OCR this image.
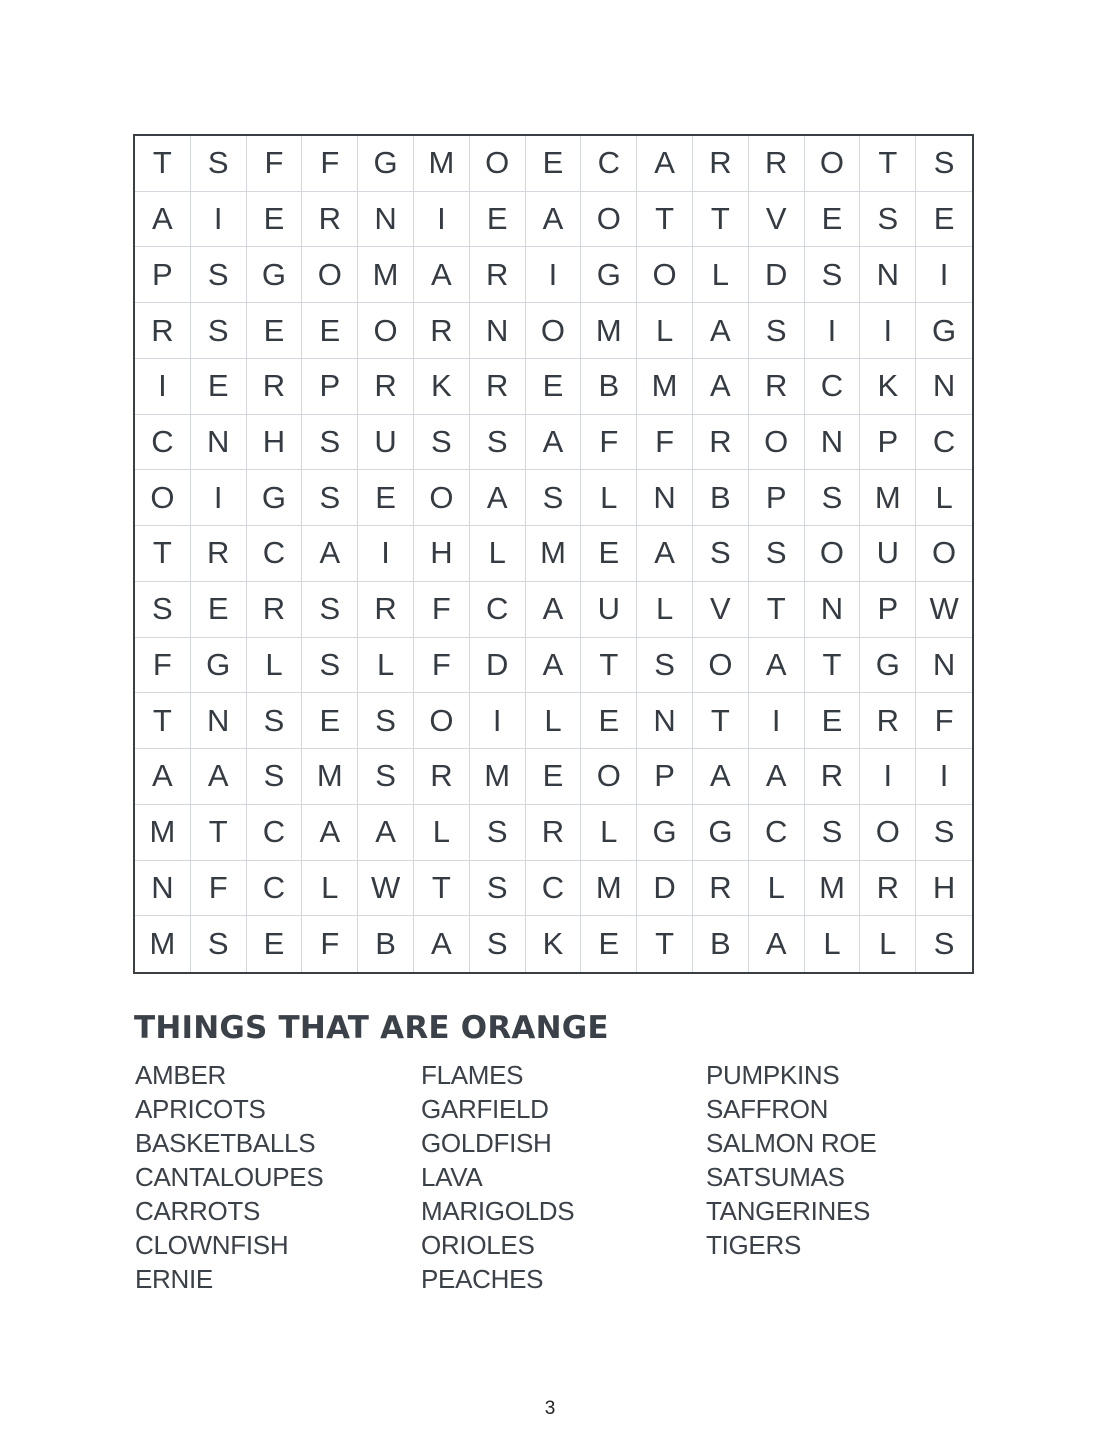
T	S	F	F	G M O	E	C	A	R	R	O	T	S
A	I	E	R	N	I	E	A	O	T	T	V	E	S	E
P	S	G	O M	A	R	I	G	O	L	D	S	N	I
R	S	E	E	O	R	N	O M	L	A	S	I	I	G
I	E	R	P	R	K	R	E	B	M	A	R	C	K	N
C	N	H	S	U	S	S	A	F	F	R	O	N	P	C
O	I	G	S	E	O	A	S	L	N	B	P	S	M	L
T	R	C	A	I	H	L	M	E	A	S	S	O	U	O
S	E	R	S	R	F	C	A	U	L	V	T	N	P	W
F	G	L	S	L	F	D	A	T	S	O	A	T	G	N
T	N	S	E	S	O	I	L	E	N	T	I	E	R	F
A	A	S	M	S	R	M	E	O	P	A	A	R	I	I
M	T	C	A	A	L	S	R	L	G	G	C	S	O	S
N	F	C	L	W	T	S	C	M	D	R	L	M	R	H
M	S	E	F	B	A	S	K	E	T	B	A	L	L	S
THINGS THAT ARE ORANGE
AMBER
APRICOTS
BASKETBALLS
CANTALOUPES
CARROTS
CLOWNFISH
ERNIE
FLAMES
GARFIELD
GOLDFISH
LAVA
MARIGOLDS
ORIOLES
PEACHES
PUMPKINS
SAFFRON
SALMON ROE
SATSUMAS
TANGERINES
TIGERS
3
